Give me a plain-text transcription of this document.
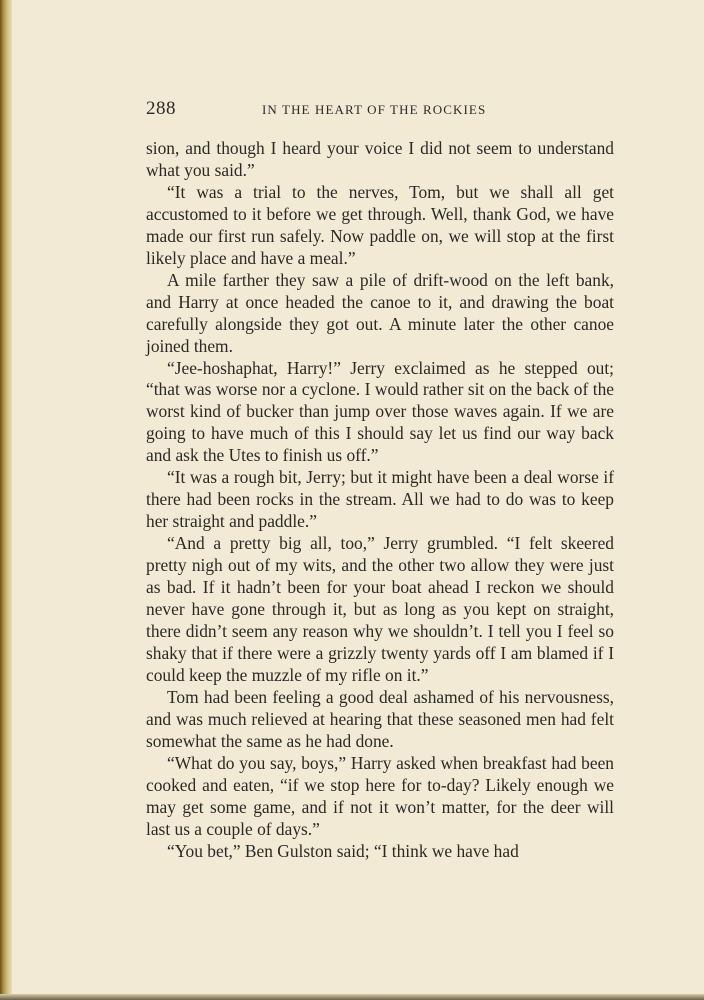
288	IN THE HEART OF THE ROCKIES

sion, and though I heard your voice I did not seem to understand what you said.”

“It was a trial to the nerves, Tom, but we shall all get accustomed to it before we get through. Well, thank God, we have made our first run safely. Now paddle on, we will stop at the first likely place and have a meal.”

A mile farther they saw a pile of drift-wood on the left bank, and Harry at once headed the canoe to it, and drawing the boat carefully alongside they got out. A minute later the other canoe joined them.

“Jee-hoshaphat, Harry!” Jerry exclaimed as he stepped out; “that was worse nor a cyclone. I would rather sit on the back of the worst kind of bucker than jump over those waves again. If we are going to have much of this I should say let us find our way back and ask the Utes to finish us off.”

“It was a rough bit, Jerry; but it might have been a deal worse if there had been rocks in the stream. All we had to do was to keep her straight and paddle.”

“And a pretty big all, too,” Jerry grumbled. “I felt skeered pretty nigh out of my wits, and the other two allow they were just as bad. If it hadn’t been for your boat ahead I reckon we should never have gone through it, but as long as you kept on straight, there didn’t seem any reason why we shouldn’t. I tell you I feel so shaky that if there were a grizzly twenty yards off I am blamed if I could keep the muzzle of my rifle on it.”

Tom had been feeling a good deal ashamed of his nervousness, and was much relieved at hearing that these seasoned men had felt somewhat the same as he had done.

“What do you say, boys,” Harry asked when breakfast had been cooked and eaten, “if we stop here for to-day? Likely enough we may get some game, and if not it won’t matter, for the deer will last us a couple of days.”

“You bet,” Ben Gulston said; “I think we have had
